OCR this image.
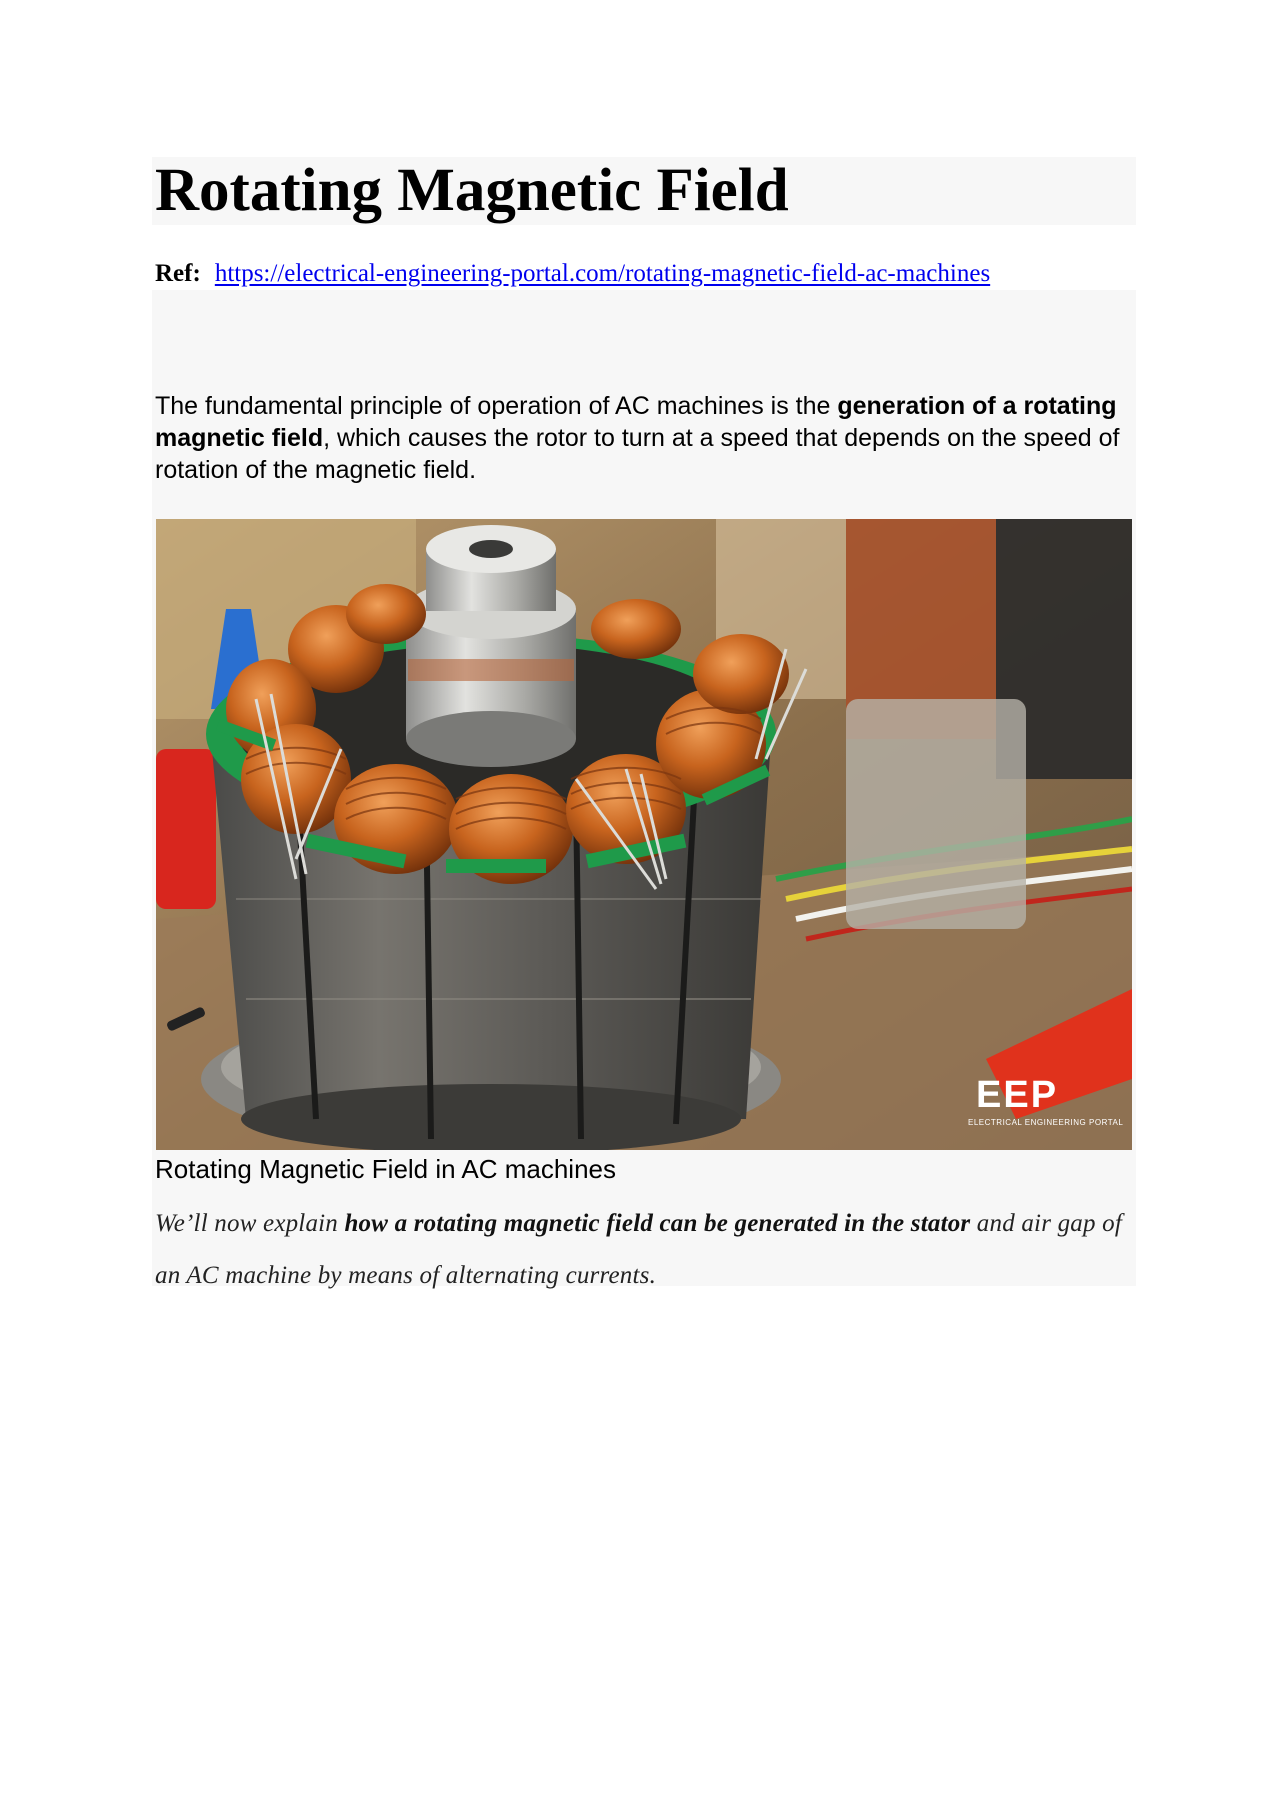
Rotating Magnetic Field
Ref: https://electrical-engineering-portal.com/rotating-magnetic-field-ac-machines

The fundamental principle of operation of AC machines is the generation of a rotating magnetic field, which causes the rotor to turn at a speed that depends on the speed of rotation of the magnetic field.

EEP
ELECTRICAL ENGINEERING PORTAL

Rotating Magnetic Field in AC machines

We’ll now explain how a rotating magnetic field can be generated in the stator and air gap of an AC machine by means of alternating currents.
